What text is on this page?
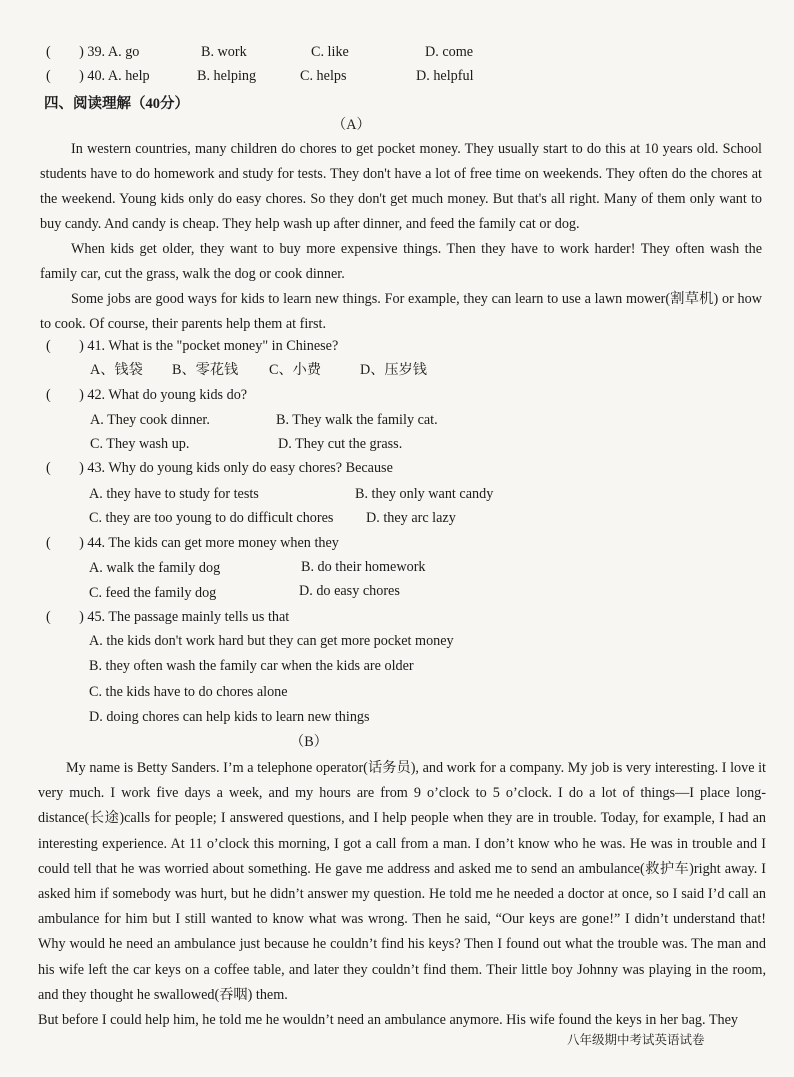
(　　) 39. A. go	B. work	C. like	D. come
(　　) 40. A. help	B. helping	C. helps	D. helpful
四、阅读理解（40分）
（A）

In western countries, many children do chores to get pocket money. They usually start to do this at 10 years old. School students have to do homework and study for tests. They don't have a lot of free time on weekends. They often do the chores at the weekend. Young kids only do easy chores. So they don't get much money. But that's all right. Many of them only want to buy candy. And candy is cheap. They help wash up after dinner, and feed the family cat or dog.

When kids get older, they want to buy more expensive things. Then they have to work harder! They often wash the family car, cut the grass, walk the dog or cook dinner.

Some jobs are good ways for kids to learn new things. For example, they can learn to use a lawn mower(割草机) or how to cook. Of course, their parents help them at first.

(　　) 41. What is the "pocket money" in Chinese?
A、钱袋 B、零花钱 C、小费	D、压岁钱
(　　) 42. What do young kids do?
A. They cook dinner.	B. They walk the family cat.
C. They wash up.	D. They cut the grass.
(　　) 43. Why do young kids only do easy chores? Because
A. they have to study for tests	B. they only want candy
C. they are too young to do difficult chores D. they arc lazy
(　　) 44. The kids can get more money when they
A. walk the family dog	B. do their homework
C. feed the family dog	D. do easy chores
(　　) 45. The passage mainly tells us that
A. the kids don't work hard but they can get more pocket money
B. they often wash the family car when the kids are older
C. the kids have to do chores alone
D. doing chores can help kids to learn new things
（B）

My name is Betty Sanders. I’m a telephone operator(话务员), and work for a company. My job is very interesting. I love it very much. I work five days a week, and my hours are from 9 o’clock to 5 o’clock. I do a lot of things—I place long-distance(长途)calls for people; I answered questions, and I help people when they are in trouble. Today, for example, I had an interesting experience. At 11 o’clock this morning, I got a call from a man. I don’t know who he was. He was in trouble and I could tell that he was worried about something. He gave me address and asked me to send an ambulance(救护车)right away. I asked him if somebody was hurt, but he didn’t answer my question. He told me he needed a doctor at once, so I said I’d call an ambulance for him but I still wanted to know what was wrong. Then he said, “Our keys are gone!” I didn’t understand that! Why would he need an ambulance just because he couldn’t find his keys? Then I found out what the trouble was. The man and his wife left the car keys on a coffee table, and later they couldn’t find them. Their little boy Johnny was playing in the room, and they thought he swallowed(吞咽) them.

But before I could help him, he told me he wouldn’t need an ambulance anymore. His wife found the keys in her bag. They

八年级期中考试英语试卷
